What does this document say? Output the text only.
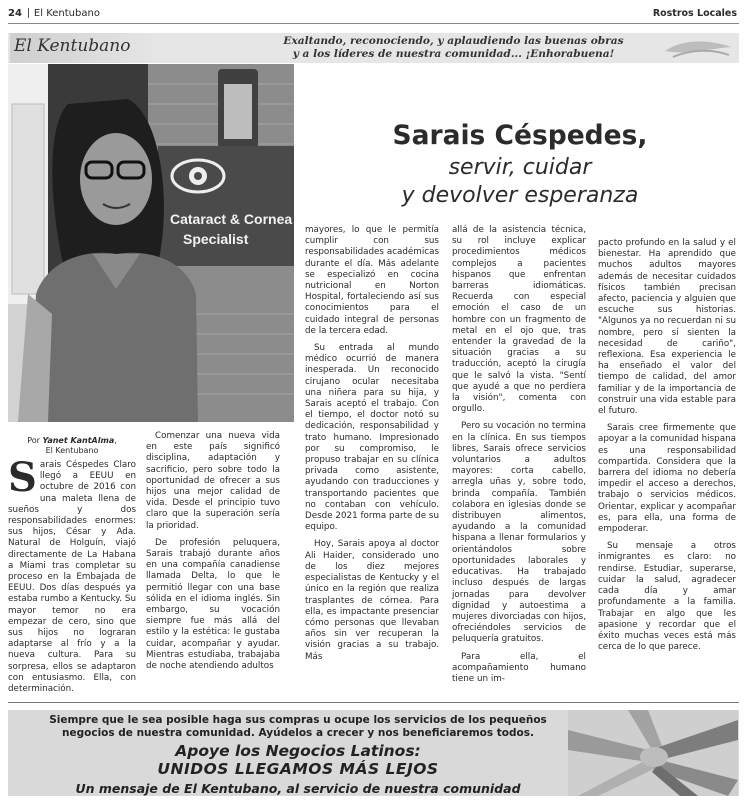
24 El Kentubano	Rostros Locales
El Kentubano	Exaltando, reconociendo, y aplaudiendo las buenas obras
y a los líderes de nuestra comunidad... ¡Enhorabuena!
Cataract & Cornea
Specialist
Sarais Céspedes,
servir, cuidar
y devolver esperanza
Por Yanet KantAlma,
El Kentubano

Sarais Céspedes Claro llegó a EEUU en octubre de 2016 con una maleta llena de sueños y dos responsabilidades enormes: sus hijos, César y Ada. Natural de Holguín, viajó directamente de La Habana a Miami tras completar su proceso en la Embajada de EEUU. Dos días después ya estaba rumbo a Kentucky. Su mayor temor no era empezar de cero, sino que sus hijos no lograran adaptarse al frío y a la nueva cultura. Para su sorpresa, ellos se adaptaron con entusiasmo. Ella, con determinación.

Comenzar una nueva vida en este país significó disciplina, adaptación y sacrificio, pero sobre todo la oportunidad de ofrecer a sus hijos una mejor calidad de vida. Desde el principio tuvo claro que la superación sería la prioridad.

De profesión peluquera, Sarais trabajó durante años en una compañía canadiense llamada Delta, lo que le permitió llegar con una base sólida en el idioma inglés. Sin embargo, su vocación siempre fue más allá del estilo y la estética: le gustaba cuidar, acompañar y ayudar. Mientras estudiaba, trabajaba de noche atendiendo adultos

mayores, lo que le permitía cumplir con sus responsabilidades académicas durante el día. Más adelante se especializó en cocina nutricional en Norton Hospital, fortaleciendo así sus conocimientos para el cuidado integral de personas de la tercera edad.

Su entrada al mundo médico ocurrió de manera inesperada. Un reconocido cirujano ocular necesitaba una niñera para su hija, y Sarais aceptó el trabajo. Con el tiempo, el doctor notó su dedicación, responsabilidad y trato humano. Impresionado por su compromiso, le propuso trabajar en su clínica privada como asistente, ayudando con traducciones y transportando pacientes que no contaban con vehículo. Desde 2021 forma parte de su equipo.

Hoy, Sarais apoya al doctor Ali Haider, considerado uno de los diez mejores especialistas de Kentucky y el único en la región que realiza trasplantes de córnea. Para ella, es impactante presenciar cómo personas que llevaban años sin ver recuperan la visión gracias a su trabajo. Más

allá de la asistencia técnica, su rol incluye explicar procedimientos médicos complejos a pacientes hispanos que enfrentan barreras idiomáticas. Recuerda con especial emoción el caso de un hombre con un fragmento de metal en el ojo que, tras entender la gravedad de la situación gracias a su traducción, aceptó la cirugía que le salvó la vista. "Sentí que ayudé a que no perdiera la visión", comenta con orgullo.

Pero su vocación no termina en la clínica. En sus tiempos libres, Sarais ofrece servicios voluntarios a adultos mayores: corta cabello, arregla uñas y, sobre todo, brinda compañía. También colabora en iglesias donde se distribuyen alimentos, ayudando a la comunidad hispana a llenar formularios y orientándolos sobre oportunidades laborales y educativas. Ha trabajado incluso después de largas jornadas para devolver dignidad y autoestima a mujeres divorciadas con hijos, ofreciéndoles servicios de peluquería gratuitos.

Para ella, el acompañamiento humano tiene un im-

pacto profundo en la salud y el bienestar. Ha aprendido que muchos adultos mayores además de necesitar cuidados físicos también precisan afecto, paciencia y alguien que escuche sus historias. "Algunos ya no recuerdan ni su nombre, pero sí sienten la necesidad de cariño", reflexiona. Esa experiencia le ha enseñado el valor del tiempo de calidad, del amor familiar y de la importancia de construir una vida estable para el futuro.

Sarais cree firmemente que apoyar a la comunidad hispana es una responsabilidad compartida. Considera que la barrera del idioma no debería impedir el acceso a derechos, trabajo o servicios médicos. Orientar, explicar y acompañar es, para ella, una forma de empoderar.

Su mensaje a otros inmigrantes es claro: no rendirse. Estudiar, superarse, cuidar la salud, agradecer cada día y amar profundamente a la familia. Trabajar en algo que les apasione y recordar que el éxito muchas veces está más cerca de lo que parece.

Siempre que le sea posible haga sus compras u ocupe los servicios de los pequeños
negocios de nuestra comunidad. Ayúdelos a crecer y nos beneficiaremos todos.
Apoye los Negocios Latinos:
UNIDOS LLEGAMOS MÁS LEJOS
Un mensaje de El Kentubano, al servicio de nuestra comunidad
